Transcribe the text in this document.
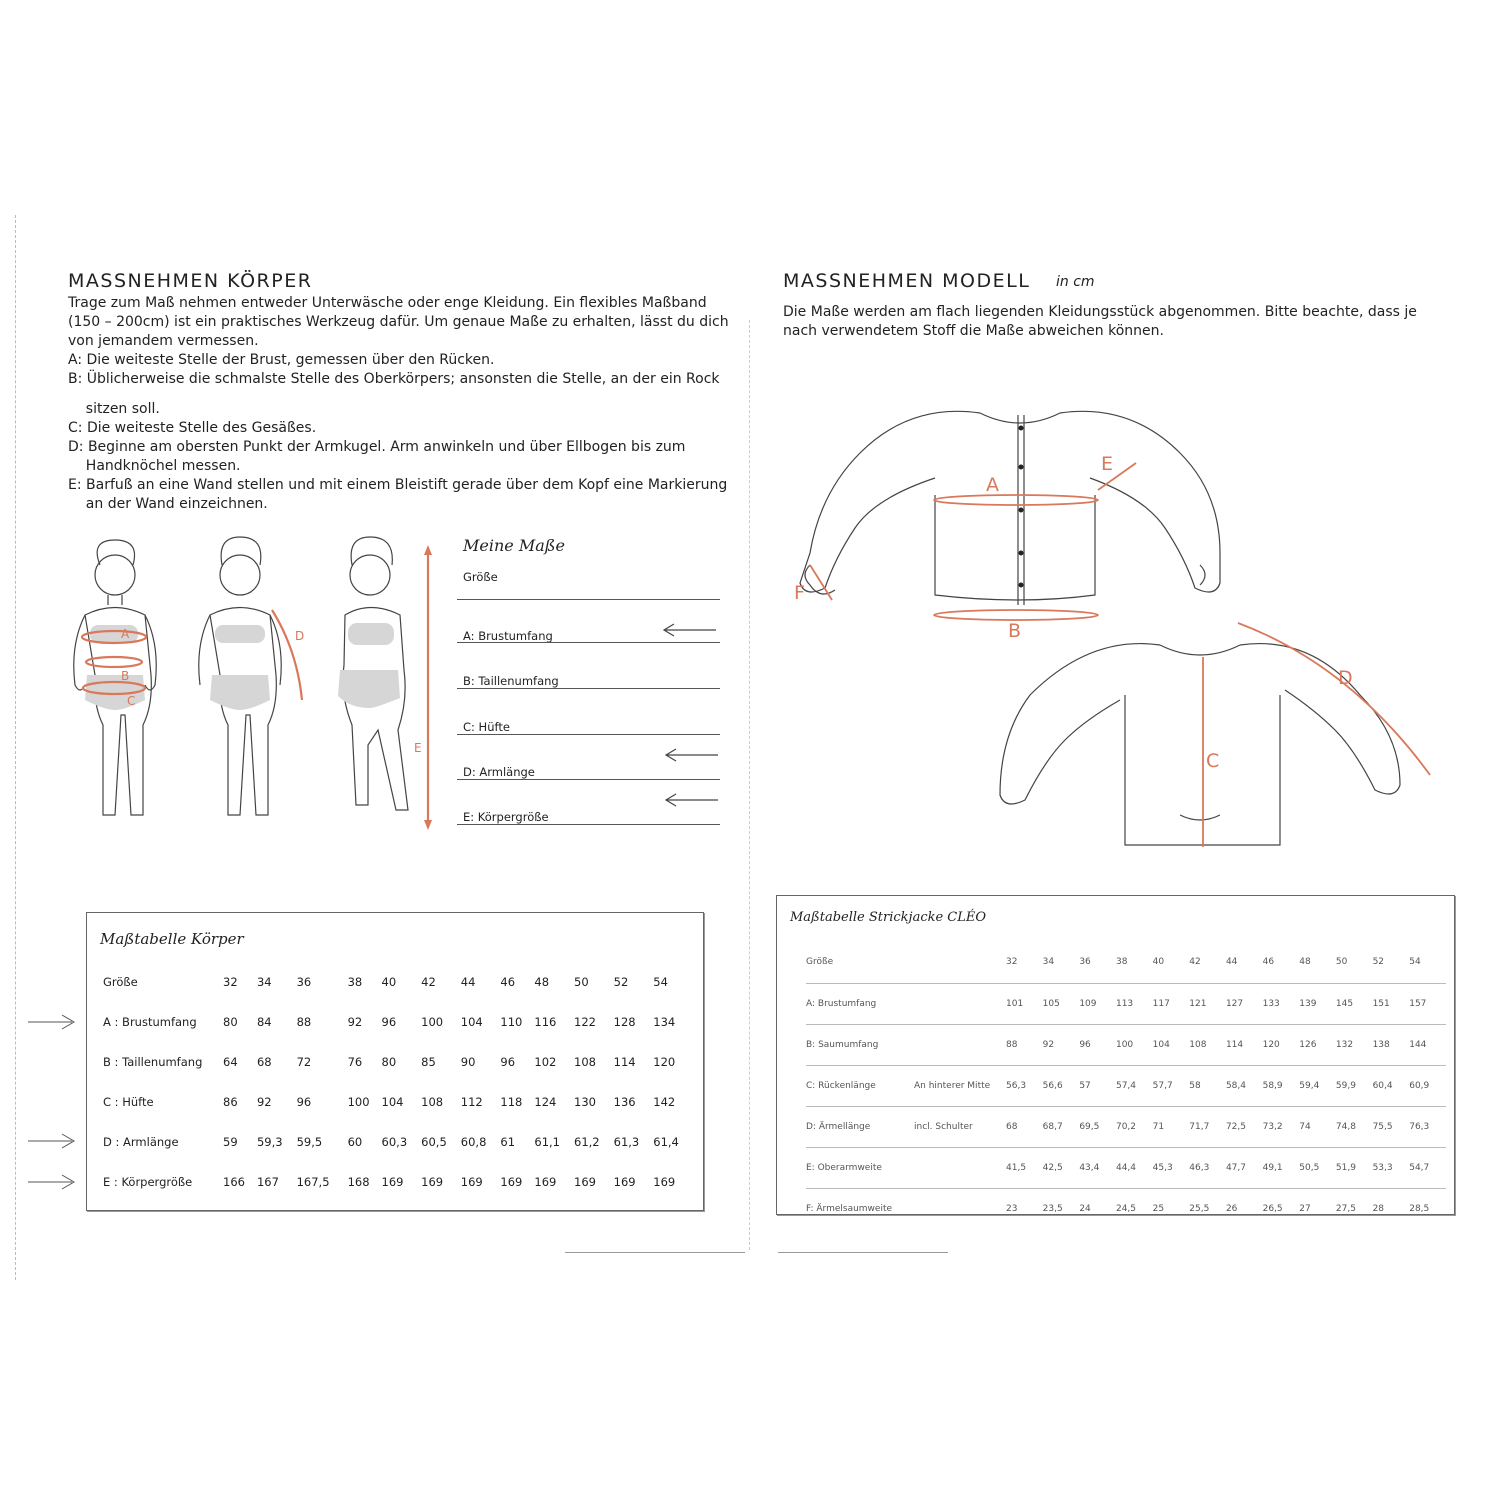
MASSNEHMEN KÖRPER
Trage zum Maß nehmen entweder Unterwäsche oder enge Kleidung. Ein flexibles Maßband
(150 – 200cm) ist ein praktisches Werkzeug dafür. Um genaue Maße zu erhalten, lässt du dich
von jemandem vermessen.
A: Die weiteste Stelle der Brust, gemessen über den Rücken.
B: Üblicherweise die schmalste Stelle des Oberkörpers; ansonsten die Stelle, an der ein Rock
sitzen soll.
C: Die weiteste Stelle des Gesäßes.
D: Beginne am obersten Punkt der Armkugel. Arm anwinkeln und über Ellbogen bis zum
Handknöchel messen.
E: Barfuß an eine Wand stellen und mit einem Bleistift gerade über dem Kopf eine Markierung
an der Wand einzeichnen.
A
B
C
D
E
Meine Maße
Größe
A: Brustumfang
B: Taillenumfang
C: Hüfte
D: Armlänge
E: Körpergröße
Maßtabelle Körper
Größe	32	34	36	38	40	42	44	46	48	50	52	54
A : Brustumfang	80	84	88	92	96	100	104	110	116	122	128	134
B : Taillenumfang	64	68	72	76	80	85	90	96	102	108	114	120
C : Hüfte	86	92	96	100	104	108	112	118	124	130	136	142
D : Armlänge	59	59,3	59,5	60	60,3	60,5	60,8	61	61,1	61,2	61,3	61,4
E : Körpergröße	166	167	167,5	168	169	169	169	169	169	169	169	169
MASSNEHMEN MODELL in cm
Die Maße werden am flach liegenden Kleidungsstück abgenommen. Bitte beachte, dass je
nach verwendetem Stoff die Maße abweichen können.
A
B
C
D
E
F
Maßtabelle Strickjacke CLÉO
Größe		32	34	36	38	40	42	44	46	48	50	52	54
A: Brustumfang		101	105	109	113	117	121	127	133	139	145	151	157
B: Saumumfang		88	92	96	100	104	108	114	120	126	132	138	144
C: Rückenlänge	An hinterer Mitte	56,3	56,6	57	57,4	57,7	58	58,4	58,9	59,4	59,9	60,4	60,9
D: Ärmellänge	incl. Schulter	68	68,7	69,5	70,2	71	71,7	72,5	73,2	74	74,8	75,5	76,3
E: Oberarmweite		41,5	42,5	43,4	44,4	45,3	46,3	47,7	49,1	50,5	51,9	53,3	54,7
F: Ärmelsaumweite		23	23,5	24	24,5	25	25,5	26	26,5	27	27,5	28	28,5
